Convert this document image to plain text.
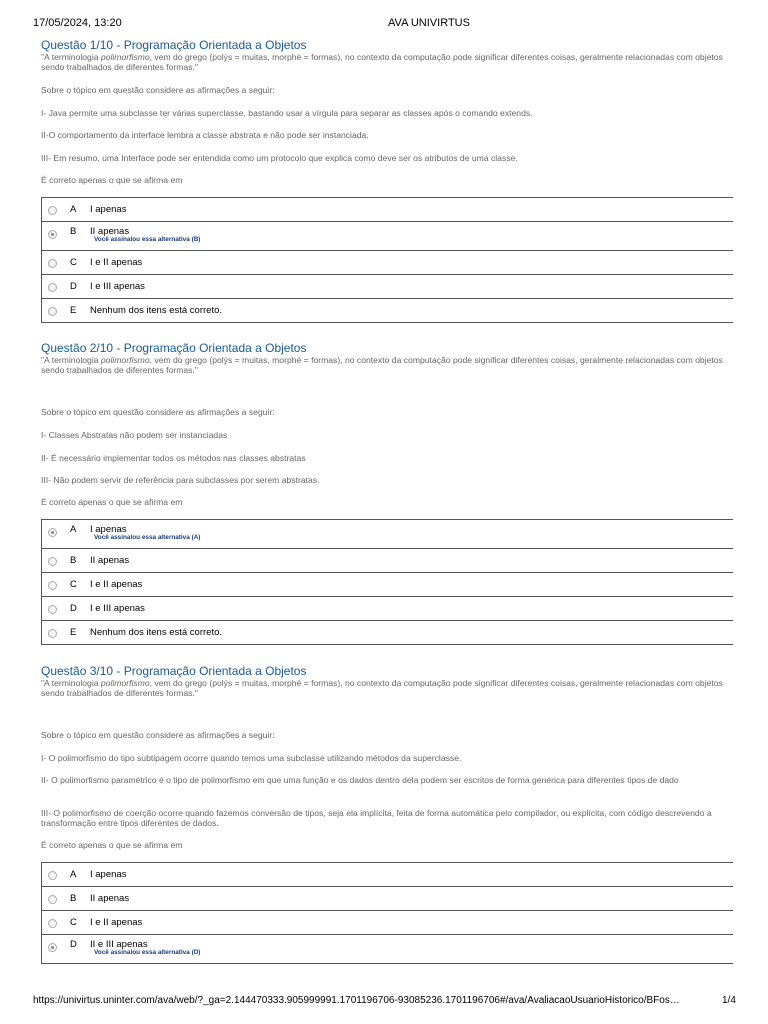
17/05/2024, 13:20	AVA UNIVIRTUS
Questão 1/10 - Programação Orientada a Objetos
"A terminologia polimorfismo, vem do grego (polýs = muitas, morphé = formas), no contexto da computação pode significar diferentes coisas, geralmente relacionadas com objetos sendo trabalhados de diferentes formas."
Sobre o tópico em questão considere as afirmações a seguir:
I- Java permite uma subclasse ter várias superclasse, bastando usar a vírgula para separar as classes após o comando extends.
II-O comportamento da interface lembra a classe abstrata e não pode ser instanciada.
III- Em resumo, uma Interface pode ser entendida como um protocolo que explica como deve ser os atributos de uma classe.
É correto apenas o que se afirma em
A I apenas
B II apenas
Você assinalou essa alternativa (B)
C I e II apenas
D I e III apenas
E Nenhum dos itens está correto.
Questão 2/10 - Programação Orientada a Objetos
"A terminologia polimorfismo, vem do grego (polýs = muitas, morphé = formas), no contexto da computação pode significar diferentes coisas, geralmente relacionadas com objetos sendo trabalhados de diferentes formas."
Sobre o tópico em questão considere as afirmações a seguir:
I- Classes Abstratas não podem ser instanciadas
II- É necessário implementar todos os métodos nas classes abstratas
III- Não podem servir de referência para subclasses por serem abstratas.
É correto apenas o que se afirma em
A I apenas
Você assinalou essa alternativa (A)
B II apenas
C I e II apenas
D I e III apenas
E Nenhum dos itens está correto.
Questão 3/10 - Programação Orientada a Objetos
"A terminologia polimorfismo, vem do grego (polýs = muitas, morphé = formas), no contexto da computação pode significar diferentes coisas, geralmente relacionadas com objetos sendo trabalhados de diferentes formas."
Sobre o tópico em questão considere as afirmações a seguir:
I- O polimorfismo do tipo subtipagem ocorre quando temos uma subclasse utilizando métodos da superclasse.
II- O polimorfismo paramétrico é o tipo de polimorfismo em que uma função e os dados dentro dela podem ser escritos de forma genérica para diferentes tipos de dado
III- O polimorfismo de coerção ocorre quando fazemos conversão de tipos, seja ela implícita, feita de forma automática pelo compilador, ou explícita, com código descrevendo a transformação entre tipos diferentes de dados.
É correto apenas o que se afirma em
A I apenas
B II apenas
C I e II apenas
D II e III apenas
Você assinalou essa alternativa (D)
https://univirtus.uninter.com/ava/web/?_ga=2.144470333.905999991.1701196706-93085236.1701196706#/ava/AvaliacaoUsuarioHistorico/BFos…	1/4
